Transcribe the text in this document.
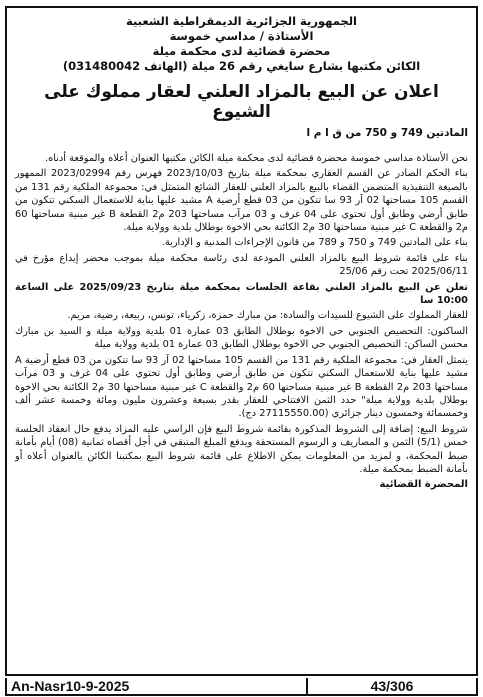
الجمهورية الجزائرية الديمقراطية الشعبية
الأستاذة / مداسي خموسة
محضرة قضائية لدى محكمة ميلة
الكائن مكتبها بشارع سايغي رقم 26 ميلة (الهاتف 031480042)
اعلان عن البيع بالمزاد العلني لعقار مملوك على الشيوع
المادتين 749 و 750 من ق ا م ا

نحن الأستاذة مداسي خموسة محضرة قضائية لدى محكمة ميلة الكائن مكتبها العنوان أعلاه والموقعة أدناه.

بناء الحكم الصادر عن القسم العقاري بمحكمة ميلة بتاريخ 2023/10/03 فهرس رقم 2023/02994 الممهور بالصيغة التنفيذية المتضمن القضاء بالبيع بالمزاد العلني للعقار الشائع المتمثل في: مجموعة الملكية رقم 131 من القسم 105 مساحتها 02 آر 93 سا تتكون من 03 قطع أرضية A مشيد عليها بناية للاستعمال السكني تتكون من طابق أرضي وطابق أول تحتوي على 04 غرف و 03 مرآب مساحتها 203 م2 القطعة B غير مبنية مساحتها 60 م2 والقطعة C غير مبنية مساحتها 30 م2 الكائنة بحي الاخوة بوطلال بلدية وولاية ميلة.

بناء على المادتين 749 و 750 و 789 من قانون الإجراءات المدنية و الإدارية.

بناء على قائمة شروط البيع بالمزاد العلني المودعة لدى رئاسة محكمة ميلة بموجب محضر إيداع مؤرخ في 2025/06/11 تحت رقم 25/06

تعلن عن البيع بالمزاد العلني بقاعة الجلسات بمحكمة ميلة بتاريخ 2025/09/23 على الساعة 10:00 سا

للعقار المملوك على الشيوع للسيدات والسادة: من مبارك حمزة، زكرياء، تونس، ربيعة، رضية، مريم.

الساكنون: التحصيص الجنوبي حي الاخوة بوطلال الطابق 03 عمارة 01 بلدية وولاية ميلة و السيد بن مبارك محسن الساكن: التحصيص الجنوبي حي الاخوة بوطلال الطابق 03 عمارة 01 بلدية وولاية ميلة

يتمثل العقار في: مجموعة الملكية رقم 131 من القسم 105 مساحتها 02 آر 93 سا تتكون من 03 قطع أرضية A مشيد عليها بناية للاستعمال السكني تتكون من طابق أرضي وطابق أول تحتوي على 04 غرف و 03 مرآب مساحتها 203 م2 القطعة B غير مبنية مساحتها 60 م2 والقطعة C غير مبنية مساحتها 30 م2 الكائنة بحي الاخوة بوطلال بلدية وولاية ميلة" حدد الثمن الافتتاحي للعقار بقدر بسبعة وعشرون مليون ومائة وخمسة عشر ألف وخمسمائة وخمسون دينار جزائري (27115550.00 دج).

شروط البيع: إضافة إلى الشروط المذكورة بقائمة شروط البيع فإن الراسي عليه المزاد يدفع حال انعقاد الجلسة خمس (5/1) الثمن و المصاريف و الرسوم المستحقة ويدفع المبلغ المتبقي في أجل أقصاه ثمانية (08) أيام بأمانة ضبط المحكمة، و لمزيد من المعلومات يمكن الاطلاع على قائمة شروط البيع بمكتبنا الكائن بالعنوان أعلاه أو بأمانة الضبط بمحكمة ميلة.

المحضرة القضائية
An-Nasr10-9-2025	43/306
